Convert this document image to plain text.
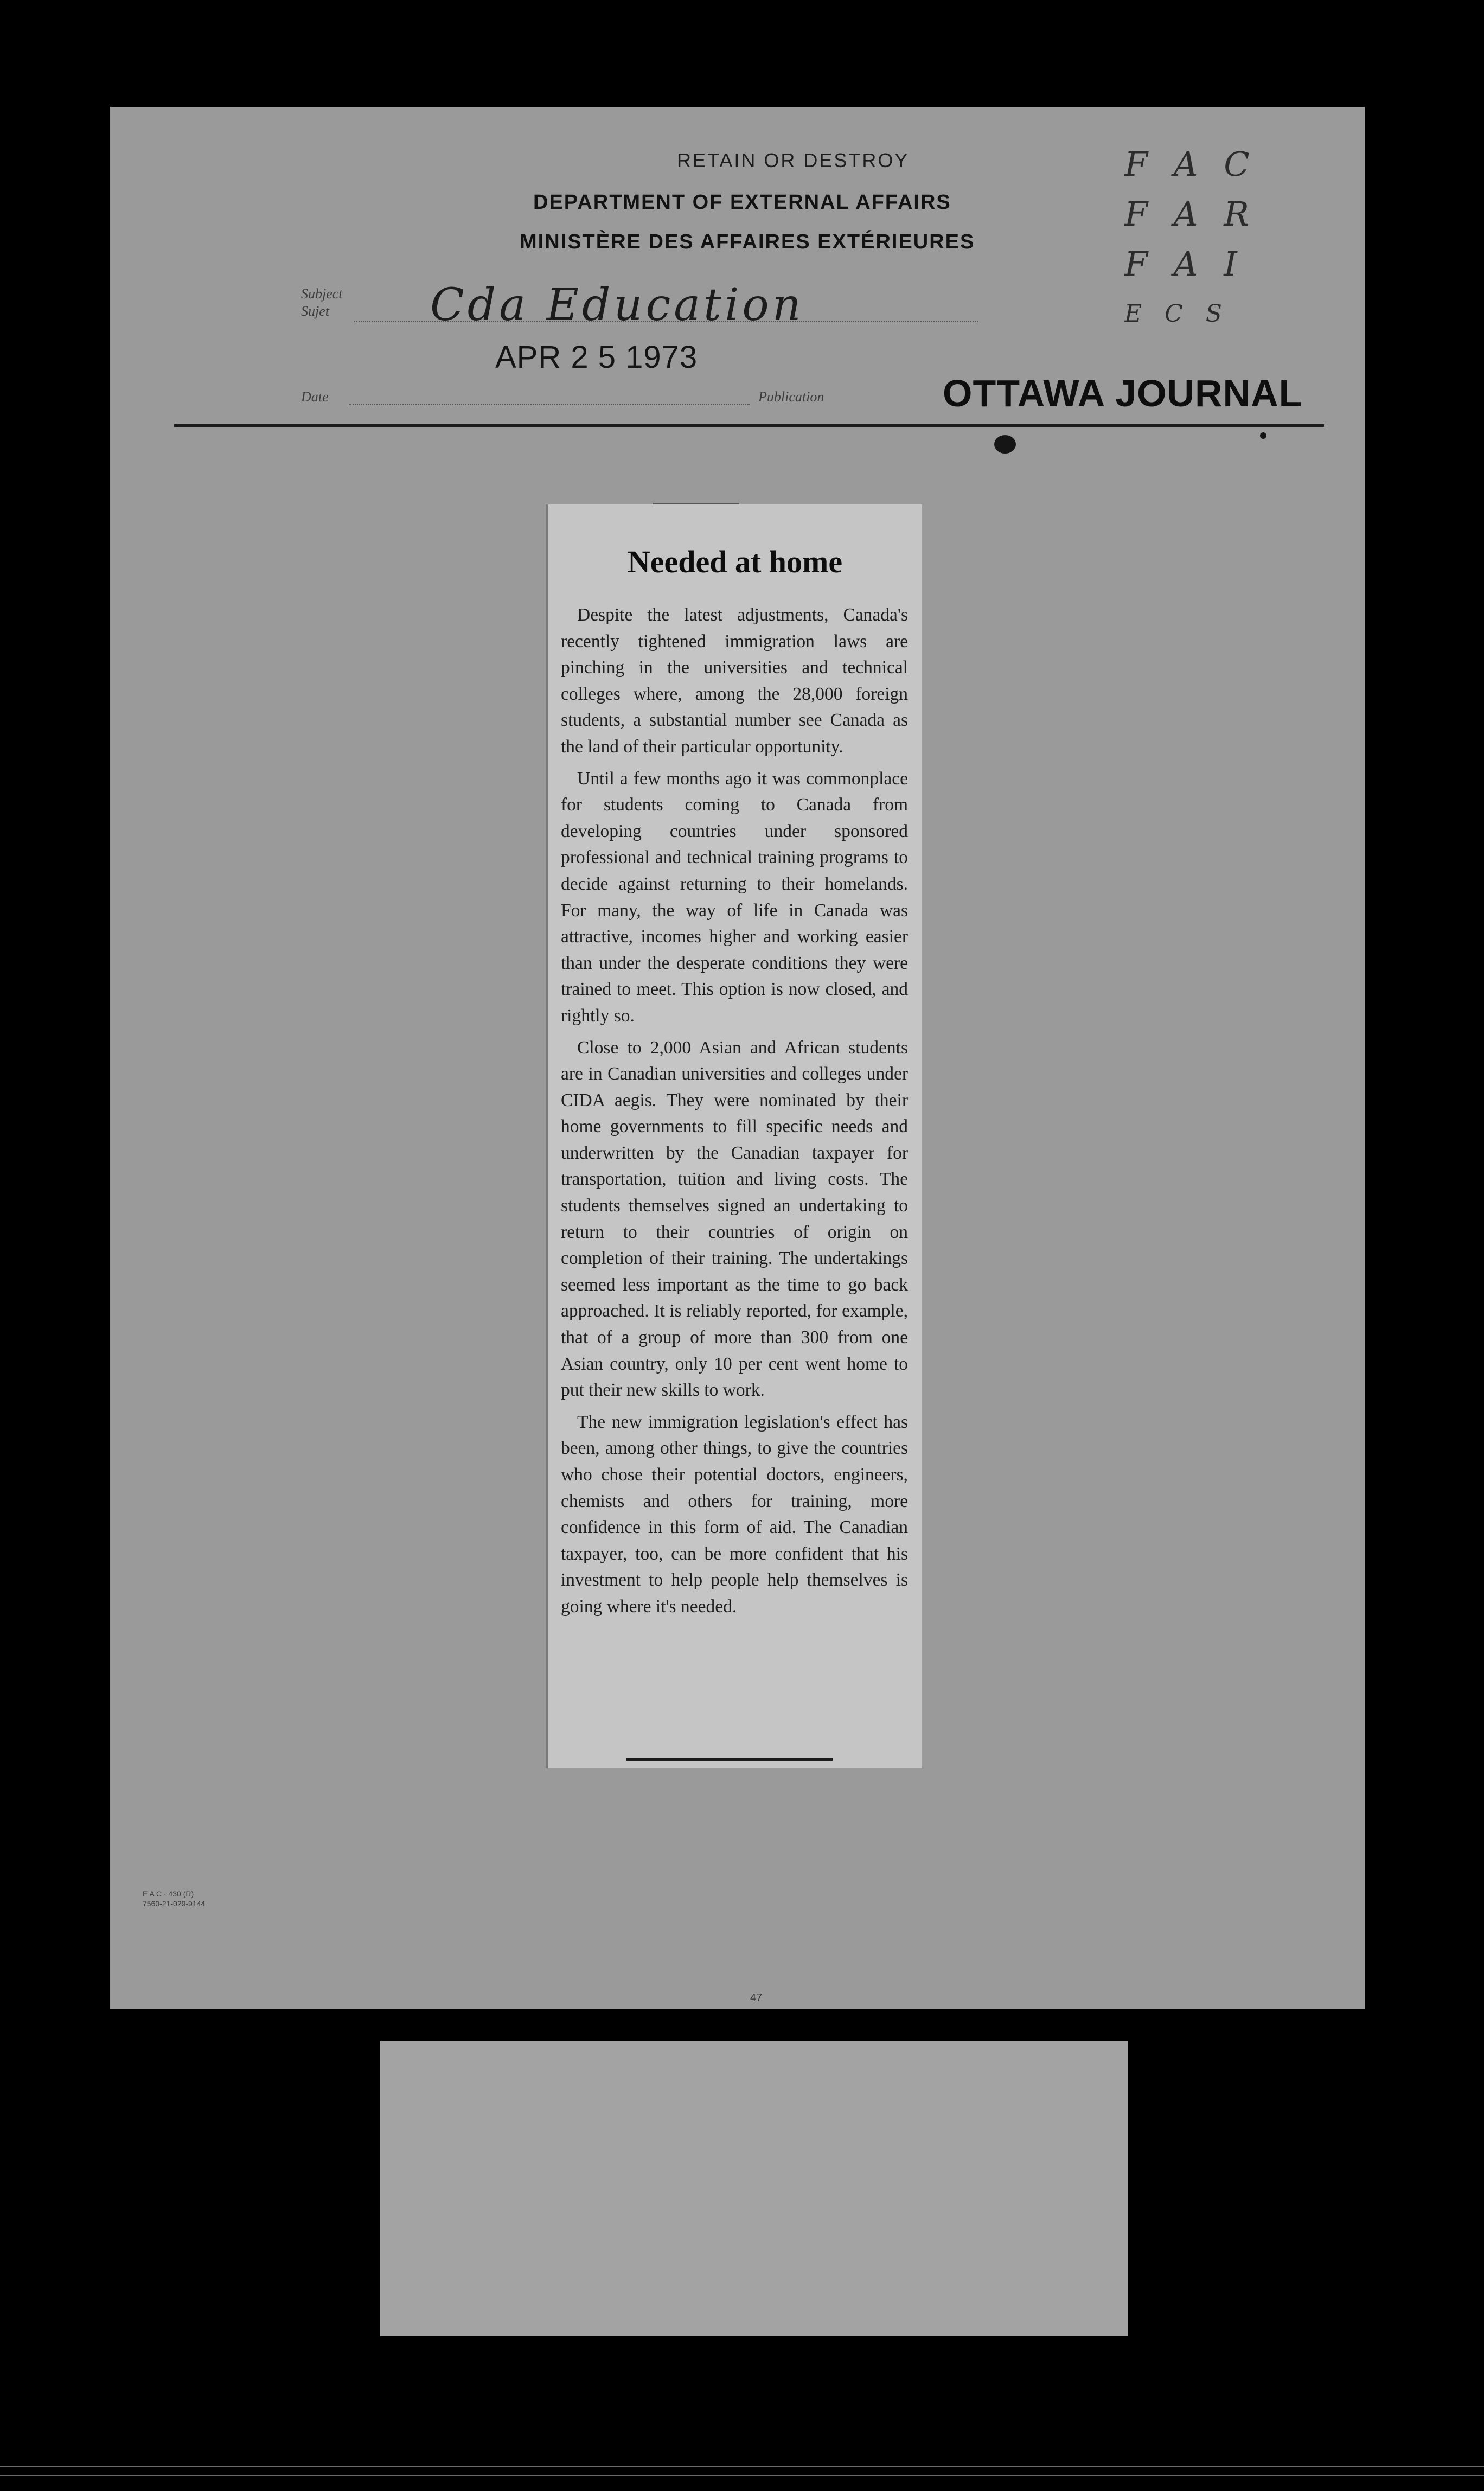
RETAIN OR DESTROY
DEPARTMENT OF EXTERNAL AFFAIRS
MINISTÈRE DES AFFAIRES EXTÉRIEURES
Subject
Sujet Cda Education
APR 2 5 1973
Date	Publication	OTTAWA JOURNAL
F A C
F A R
F A I
E C S
Needed at home

Despite the latest adjustments, Canada's recently tightened immigration laws are pinching in the universities and technical colleges where, among the 28,000 foreign students, a substantial number see Canada as the land of their particular opportunity.

Until a few months ago it was commonplace for students coming to Canada from developing countries under sponsored professional and technical training programs to decide against returning to their homelands. For many, the way of life in Canada was attractive, incomes higher and working easier than under the desperate conditions they were trained to meet. This option is now closed, and rightly so.

Close to 2,000 Asian and African students are in Canadian universities and colleges under CIDA aegis. They were nominated by their home governments to fill specific needs and underwritten by the Canadian taxpayer for transportation, tuition and living costs. The students themselves signed an undertaking to return to their countries of origin on completion of their training. The undertakings seemed less important as the time to go back approached. It is reliably reported, for example, that of a group of more than 300 from one Asian country, only 10 per cent went home to put their new skills to work.

The new immigration legislation's effect has been, among other things, to give the countries who chose their potential doctors, engineers, chemists and others for training, more confidence in this form of aid. The Canadian taxpayer, too, can be more confident that his investment to help people help themselves is going where it's needed.

E A C · 430 (R)
7560-21-029-9144
47
